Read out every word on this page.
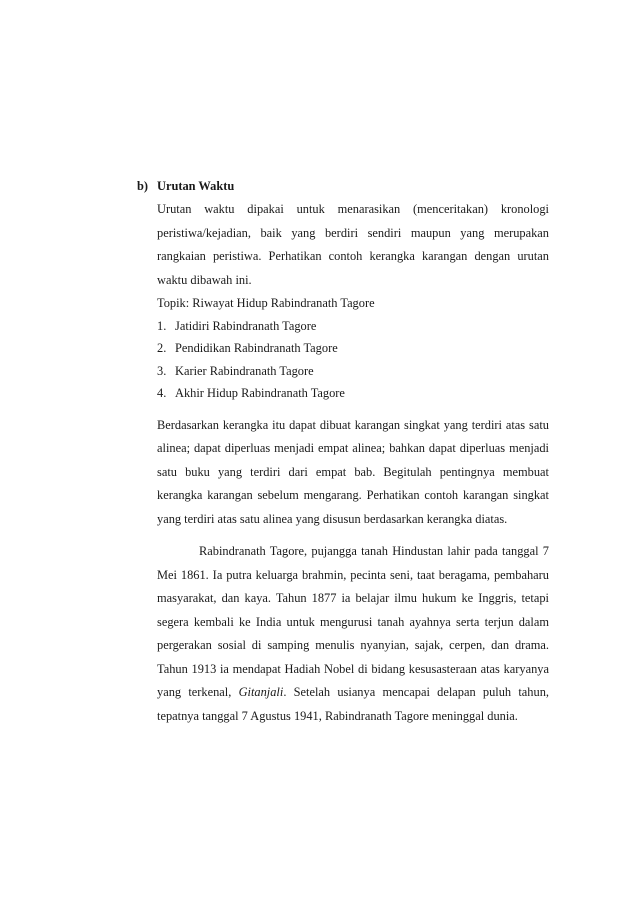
b) Urutan Waktu

Urutan waktu dipakai untuk menarasikan (menceritakan) kronologi peristiwa/kejadian, baik yang berdiri sendiri maupun yang merupakan rangkaian peristiwa. Perhatikan contoh kerangka karangan dengan urutan waktu dibawah ini.

Topik: Riwayat Hidup Rabindranath Tagore

1. Jatidiri Rabindranath Tagore
2. Pendidikan Rabindranath Tagore
3. Karier Rabindranath Tagore
4. Akhir Hidup Rabindranath Tagore

Berdasarkan kerangka itu dapat dibuat karangan singkat yang terdiri atas satu alinea; dapat diperluas menjadi empat alinea; bahkan dapat diperluas menjadi satu buku yang terdiri dari empat bab. Begitulah pentingnya membuat kerangka karangan sebelum mengarang. Perhatikan contoh karangan singkat yang terdiri atas satu alinea yang disusun berdasarkan kerangka diatas.

Rabindranath Tagore, pujangga tanah Hindustan lahir pada tanggal 7 Mei 1861. Ia putra keluarga brahmin, pecinta seni, taat beragama, pembaharu masyarakat, dan kaya. Tahun 1877 ia belajar ilmu hukum ke Inggris, tetapi segera kembali ke India untuk mengurusi tanah ayahnya serta terjun dalam pergerakan sosial di samping menulis nyanyian, sajak, cerpen, dan drama. Tahun 1913 ia mendapat Hadiah Nobel di bidang kesusasteraan atas karyanya yang terkenal, Gitanjali. Setelah usianya mencapai delapan puluh tahun, tepatnya tanggal 7 Agustus 1941, Rabindranath Tagore meninggal dunia.
